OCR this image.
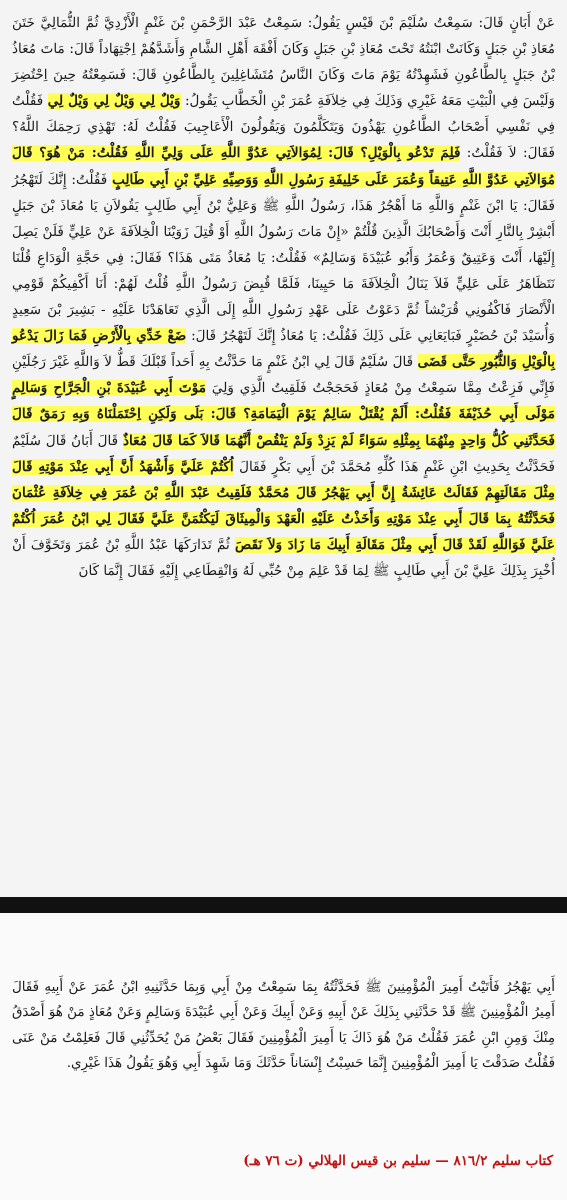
عَنْ أَبَانٍ قَالَ: سَمِعْتُ سُلَيْمَ بْنَ قَيْسٍ يَقُولُ: سَمِعْتُ عَبْدَ الرَّحْمَنِ بْنَ غَنْمٍ الْأَزْدِيَّ ثُمَّ الثُّمَالِيَّ خَتَنَ مُعَاذِ بْنِ جَبَلٍ وَكَانَتْ ابْنَتُهُ تَحْتَ مُعَاذِ بْنِ جَبَلٍ وَكَانَ أَفْقَهَ أَهْلِ الشَّامِ وَأَشَدَّهُمْ اِجْتِهَاداً قَالَ: مَاتَ مُعَاذُ بْنُ جَبَلٍ بِالطَّاعُونِ فَشَهِدْتُهُ يَوْمَ مَاتَ وَكَانَ النَّاسُ مُتَشَاغِلِينَ بِالطَّاعُونِ قَالَ: فَسَمِعْتُهُ حِينَ اِحْتُضِرَ وَلَيْسَ فِي الْبَيْتِ مَعَهُ غَيْرِي وَذَلِكَ فِي خِلاَفَةِ عُمَرَ بْنِ الْخَطَّابِ يَقُولُ: وَيْلٌ لِي وَيْلٌ لِي وَيْلٌ لِي فَقُلْتُ فِي نَفْسِي أَصْحَابُ الطَّاعُونِ يَهْذُونَ وَيَتَكَلَّمُونَ وَيَقُولُونَ الْأَعَاجِيبَ فَقُلْتُ لَهُ: تَهْذِي رَحِمَكَ اللَّهُ؟ فَقَالَ: لاَ فَقُلْتُ: فَلِمَ تَدْعُو بِالْوَيْلِ؟ قَالَ: لِمُوَالاَتِي عَدُوَّ اللَّهِ عَلَى وَلِيِّ اللَّهِ فَقُلْتُ: مَنْ هُوَ؟ قَالَ مُوَالاَتِي عَدُوَّ اللَّهِ عَتِيقاً وَعُمَرَ عَلَى خَلِيفَةِ رَسُولِ اللَّهِ وَوَصِيِّهِ عَلِيِّ بْنِ أَبِي طَالِبٍ فَقُلْتُ: إِنَّكَ لَتَهْجُرُ فَقَالَ: يَا ابْنَ غَنْمٍ وَاللَّهِ مَا أَهْجُرُ هَذَا، رَسُولُ اللَّهِ ﷺ وَعَلِيُّ بْنُ أَبِي طَالِبٍ يَقُولاَنِ يَا مُعَاذَ بْنَ جَبَلٍ أَبْشِرْ بِالنَّارِ أَنْتَ وَأَصْحَابُكَ الَّذِينَ قُلْتُمْ «إِنْ مَاتَ رَسُولُ اللَّهِ أَوْ قُتِلَ زَوَيْنَا الْخِلاَفَةَ عَنْ عَلِيٍّ فَلَنْ يَصِلَ إِلَيْهَا، أَنْتَ وَعَتِيقٌ وَعُمَرُ وَأَبُو عُبَيْدَةَ وَسَالِمٌ» فَقُلْتُ: يَا مُعَاذُ مَتَى هَذَا؟ فَقَالَ: فِي حَجَّةِ الْوَدَاعِ قُلْنَا نَتَظَاهَرُ عَلَى عَلِيٍّ فَلاَ يَنَالُ الْخِلاَفَةَ مَا حَيِينَا، فَلَمَّا قُبِضَ رَسُولُ اللَّهِ قُلْتُ لَهُمْ: أَنَا أَكْفِيكُمْ قَوْمِي الْأَنْصَارَ فَاكْفُونِي قُرَيْشاً ثُمَّ دَعَوْتُ عَلَى عَهْدِ رَسُولِ اللَّهِ إِلَى الَّذِي تَعَاهَدْنَا عَلَيْهِ - بَشِيرَ بْنَ سَعِيدٍ وَأُسَيْدَ بْنَ حُضَيْرٍ فَبَايَعَانِي عَلَى ذَلِكَ فَقُلْتُ: يَا مُعَاذُ إِنَّكَ لَتَهْجُرُ قَالَ: ضَعْ خَدِّي بِالْأَرْضِ فَمَا زَالَ يَدْعُو بِالْوَيْلِ وَالثُّبُورِ حَتَّى قَضَى قَالَ سُلَيْمٌ قَالَ لِي ابْنُ غَنْمٍ مَا حَدَّثْتُ بِهِ أَحَداً قَبْلَكَ قَطُّ لاَ وَاللَّهِ غَيْرَ رَجُلَيْنِ فَإِنِّي فَزِعْتُ مِمَّا سَمِعْتُ مِنْ مُعَاذٍ فَحَجَجْتُ فَلَقِيتُ الَّذِي وَلِيَ مَوْتَ أَبِي عُبَيْدَةَ بْنِ الْجَرَّاحِ وَسَالِمٍ مَوْلَى أَبِي حُذَيْفَةَ فَقُلْتُ: أَلَمْ يُقْتَلْ سَالِمٌ يَوْمَ الْيَمَامَةِ؟ قَالَ: بَلَى وَلَكِنِ اِحْتَمَلْنَاهُ وَبِهِ رَمَقٌ قَالَ فَحَدَّثَنِي كُلُّ وَاحِدٍ مِنْهُمَا بِمِثْلِهِ سَوَاءً لَمْ يَزِدْ وَلَمْ يَنْقُصْ أَنَّهُمَا قَالاَ كَمَا قَالَ مُعَاذٌ قَالَ أَبَانُ قَالَ سُلَيْمٌ فَحَدَّثْتُ بِحَدِيثِ ابْنِ غَنْمٍ هَذَا كُلِّهِ مُحَمَّدَ بْنَ أَبِي بَكْرٍ فَقَالَ اُكْتُمْ عَلَيَّ وَأَشْهَدُ أَنَّ أَبِي عِنْدَ مَوْتِهِ قَالَ مِثْلَ مَقَالَتِهِمْ فَقَالَتْ عَائِشَةُ إِنَّ أَبِي يَهْجُرُ قَالَ مُحَمَّدٌ فَلَقِيتُ عَبْدَ اللَّهِ بْنَ عُمَرَ فِي خِلاَفَةِ عُثْمَانَ فَحَدَّثْتُهُ بِمَا قَالَ أَبِي عِنْدَ مَوْتِهِ وَأَخَذْتُ عَلَيْهِ الْعَهْدَ وَالْمِيثَاقَ لَيَكْتُمَنَّ عَلَيَّ فَقَالَ لِي ابْنُ عُمَرَ اُكْتُمْ عَلَيَّ فَوَاللَّهِ لَقَدْ قَالَ أَبِي مِثْلَ مَقَالَةِ أَبِيكَ مَا زَادَ وَلاَ نَقَصَ ثُمَّ تَدَارَكَهَا عَبْدُ اللَّهِ بْنُ عُمَرَ وَتَخَوَّفَ أَنْ أُخْبِرَ بِذَلِكَ عَلِيَّ بْنَ أَبِي طَالِبٍ ﷺ لِمَا قَدْ عَلِمَ مِنْ حُبِّي لَهُ وَانْقِطَاعِي إِلَيْهِ فَقَالَ إِنَّمَا كَانَ

أَبِي يَهْجُرُ فَأَتَيْتُ أَمِيرَ الْمُؤْمِنِينَ ﷺ فَحَدَّثْتُهُ بِمَا سَمِعْتُ مِنْ أَبِي وَبِمَا حَدَّثَنِيهِ ابْنُ عُمَرَ عَنْ أَبِيهِ فَقَالَ أَمِيرُ الْمُؤْمِنِينَ ﷺ قَدْ حَدَّثَنِي بِذَلِكَ عَنْ أَبِيهِ وَعَنْ أَبِيكَ وَعَنْ أَبِي عُبَيْدَةَ وَسَالِمٍ وَعَنْ مُعَاذٍ مَنْ هُوَ أَصْدَقُ مِنْكَ وَمِنِ ابْنِ عُمَرَ فَقُلْتُ مَنْ هُوَ ذَاكَ يَا أَمِيرَ الْمُؤْمِنِينَ فَقَالَ بَعْضُ مَنْ يُحَدِّثُنِي قَالَ فَعَلِمْتُ مَنْ عَنَى فَقُلْتُ صَدَقْتَ يَا أَمِيرَ الْمُؤْمِنِينَ إِنَّمَا حَسِبْتُ إِنْسَاناً حَدَّثَكَ وَمَا شَهِدَ أَبِي وَهُوَ يَقُولُ هَذَا غَيْرِي.

كتاب سليم ٨١٦/٢ — سليم بن قيس الهلالي (ت ٧٦ هـ)
